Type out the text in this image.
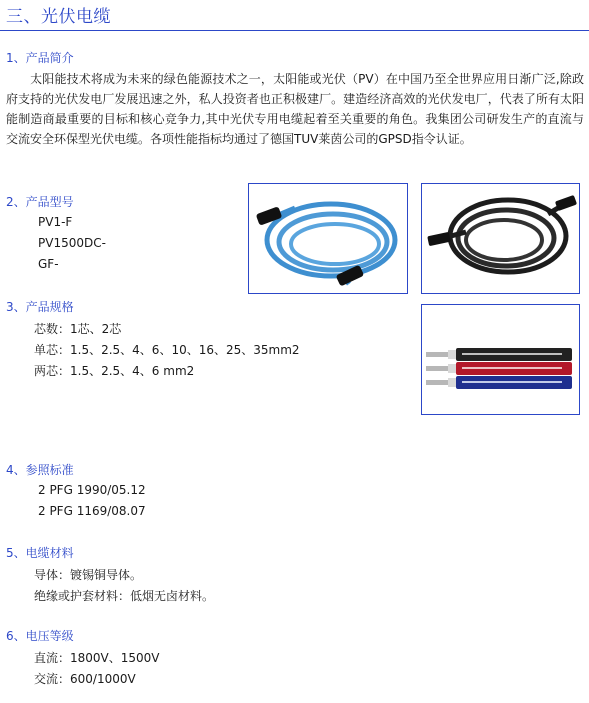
三、光伏电缆
1、产品简介
太阳能技术将成为未来的绿色能源技术之一，太阳能或光伏（PV）在中国乃至全世界应用日渐广泛,除政府支持的光伏发电厂发展迅速之外，私人投资者也正积极建厂。建造经济高效的光伏发电厂，代表了所有太阳能制造商最重要的目标和核心竞争力,其中光伏专用电缆起着至关重要的角色。我集团公司研发生产的直流与交流安全环保型光伏电缆。各项性能指标均通过了德国TUV莱茵公司的GPSD指令认证。
2、产品型号
PV1-F
PV1500DC-
GF-
3、产品规格
芯数：1芯、2芯
单芯：1.5、2.5、4、6、10、16、25、35mm2
两芯：1.5、2.5、4、6 mm2
4、参照标准
2 PFG 1990/05.12
2 PFG 1169/08.07
5、电缆材料
导体：镀锡铜导体。
绝缘或护套材料：低烟无卤材料。
6、电压等级
直流：1800V、1500V
交流：600/1000V
